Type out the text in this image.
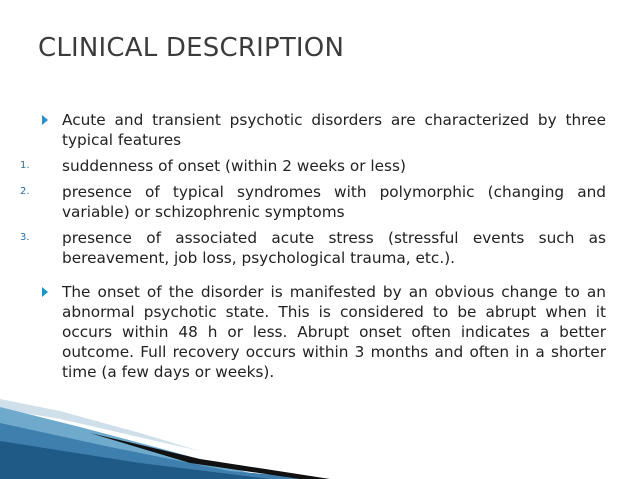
CLINICAL DESCRIPTION
Acute and transient psychotic disorders are characterized by three typical features
1. suddenness of onset (within 2 weeks or less)
2. presence of typical syndromes with polymorphic (changing and variable) or schizophrenic symptoms
3. presence of associated acute stress (stressful events such as bereavement, job loss, psychological trauma, etc.).
The onset of the disorder is manifested by an obvious change to an abnormal psychotic state. This is considered to be abrupt when it occurs within 48 h or less. Abrupt onset often indicates a better outcome. Full recovery occurs within 3 months and often in a shorter time (a few days or weeks).
